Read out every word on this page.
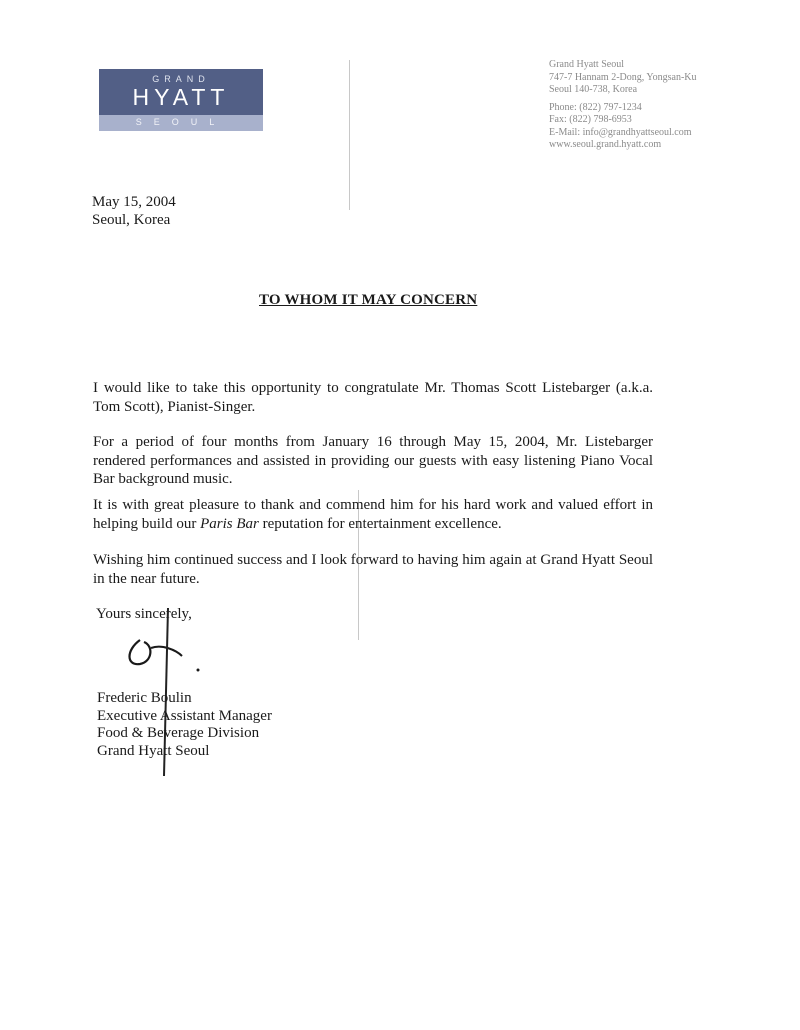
GRAND
HYATT
SEOUL
Grand Hyatt Seoul
747-7 Hannam 2-Dong, Yongsan-Ku
Seoul 140-738, Korea
Phone: (822) 797-1234
Fax: (822) 798-6953
E-Mail: info@grandhyattseoul.com
www.seoul.grand.hyatt.com
May 15, 2004
Seoul, Korea
TO WHOM IT MAY CONCERN
I would like to take this opportunity to congratulate Mr. Thomas Scott Listebarger (a.k.a. Tom Scott), Pianist-Singer.
For a period of four months from January 16 through May 15, 2004, Mr. Listebarger rendered performances and assisted in providing our guests with easy listening Piano Vocal Bar background music.
It is with great pleasure to thank and commend him for his hard work and valued effort in helping build our Paris Bar reputation for entertainment excellence.
Wishing him continued success and I look forward to having him again at Grand Hyatt Seoul in the near future.
Yours sincerely,
Frederic Boulin
Executive Assistant Manager
Food & Beverage Division
Grand Hyatt Seoul
